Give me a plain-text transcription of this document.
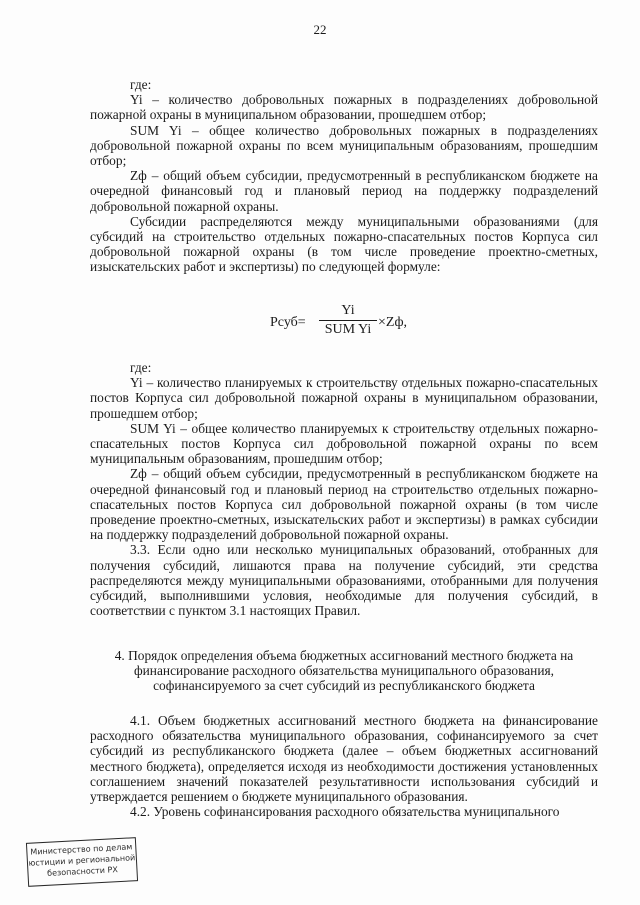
22

где:

Yi – количество добровольных пожарных в подразделениях добровольной пожарной охраны в муниципальном образовании, прошедшем отбор;

SUM Yi – общее количество добровольных пожарных в подразделениях добровольной пожарной охраны по всем муниципальным образованиям, прошедшим отбор;

Zф – общий объем субсидии, предусмотренный в республиканском бюджете на очередной финансовый год и плановый период на поддержку подразделений добровольной пожарной охраны.

Субсидии распределяются между муниципальными образованиями (для субсидий на строительство отдельных пожарно-спасательных постов Корпуса сил добровольной пожарной охраны (в том числе проведение проектно-сметных, изыскательских работ и экспертизы) по следующей формуле:

Рсуб=
Yi
SUM Yi ×Zф,

где:

Yi – количество планируемых к строительству отдельных пожарно-спасательных постов Корпуса сил добровольной пожарной охраны в муниципальном образовании, прошедшем отбор;

SUM Yi – общее количество планируемых к строительству отдельных пожарно-спасательных постов Корпуса сил добровольной пожарной охраны по всем муниципальным образованиям, прошедшим отбор;

Zф – общий объем субсидии, предусмотренный в республиканском бюджете на очередной финансовый год и плановый период на строительство отдельных пожарно-спасательных постов Корпуса сил добровольной пожарной охраны (в том числе проведение проектно-сметных, изыскательских работ и экспертизы) в рамках субсидии на поддержку подразделений добровольной пожарной охраны.

3.3. Если одно или несколько муниципальных образований, отобранных для получения субсидий, лишаются права на получение субсидий, эти средства распределяются между муниципальными образованиями, отобранными для получения субсидий, выполнившими условия, необходимые для получения субсидий, в соответствии с пунктом 3.1 настоящих Правил.

4. Порядок определения объема бюджетных ассигнований местного бюджета на
финансирование расходного обязательства муниципального образования,
софинансируемого за счет субсидий из республиканского бюджета

4.1. Объем бюджетных ассигнований местного бюджета на финансирование расходного обязательства муниципального образования, софинансируемого за счет субсидий из республиканского бюджета (далее – объем бюджетных ассигнований местного бюджета), определяется исходя из необходимости достижения установленных соглашением значений показателей результативности использования субсидий и утверждается решением о бюджете муниципального образования.

4.2. Уровень софинансирования расходного обязательства муниципального

Министерство по делам
юстиции и региональной
безопасности РХ
